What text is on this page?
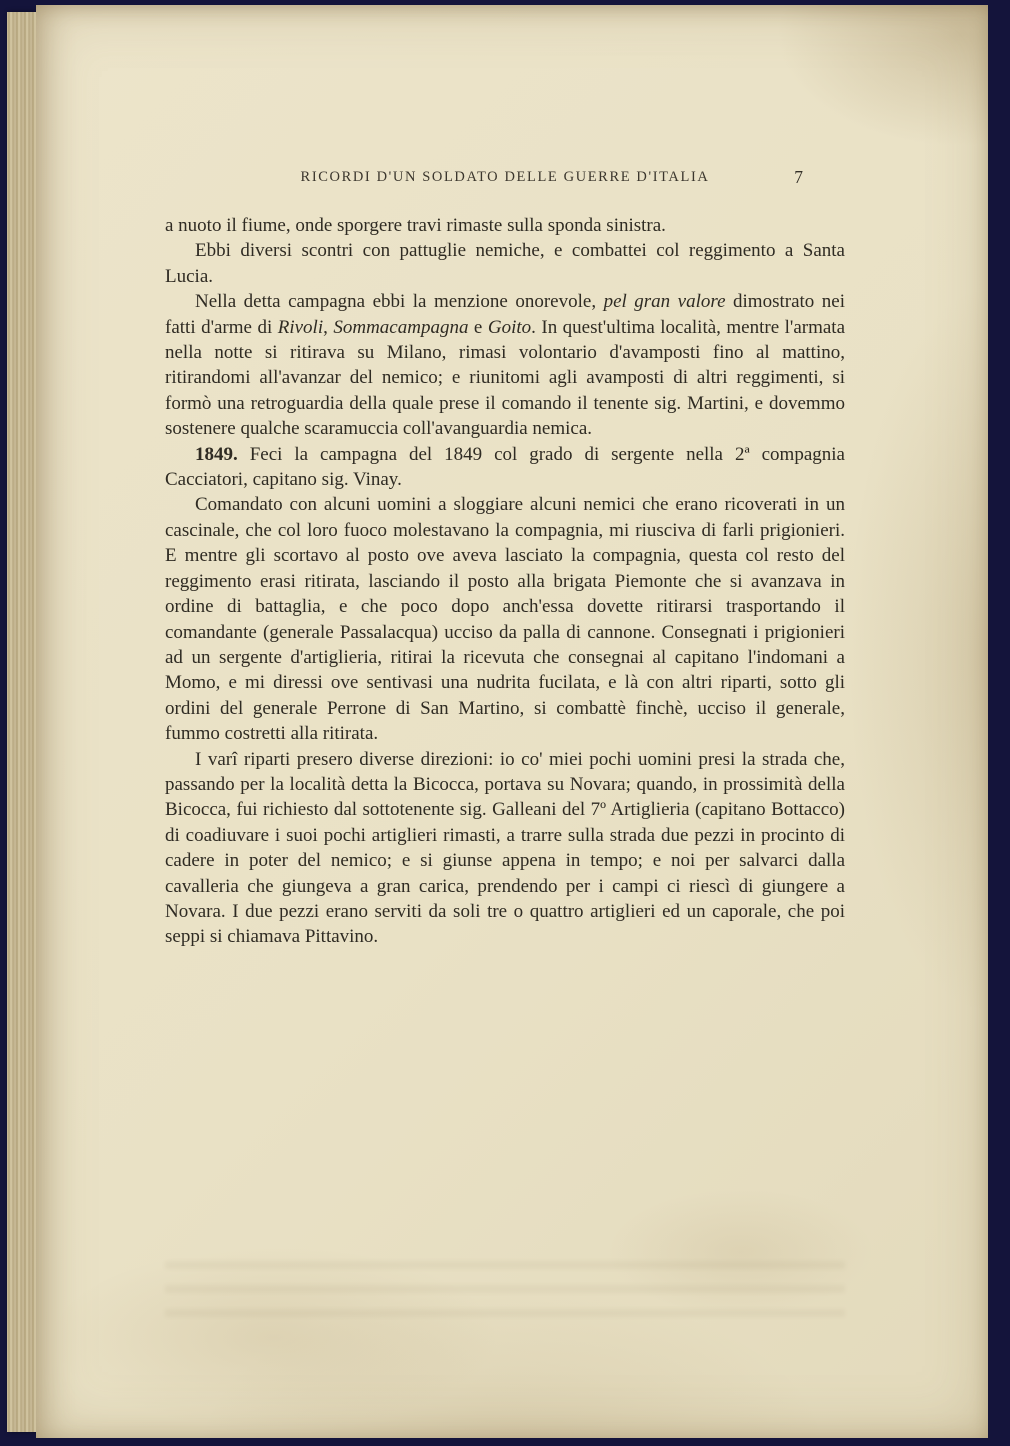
RICORDI D'UN SOLDATO DELLE GUERRE D'ITALIA	7

a nuoto il fiume, onde sporgere travi rimaste sulla sponda sinistra.

Ebbi diversi scontri con pattuglie nemiche, e combattei col reggimento a Santa Lucia.

Nella detta campagna ebbi la menzione onorevole, pel gran valore dimostrato nei fatti d'arme di Rivoli, Sommacampagna e Goito. In quest'ultima località, mentre l'armata nella notte si ritirava su Milano, rimasi volontario d'avamposti fino al mattino, ritirandomi all'avanzar del nemico; e riunitomi agli avamposti di altri reggimenti, si formò una retroguardia della quale prese il comando il tenente sig. Martini, e dovemmo sostenere qualche scaramuccia coll'avanguardia nemica.

1849. Feci la campagna del 1849 col grado di sergente nella 2ª compagnia Cacciatori, capitano sig. Vinay.

Comandato con alcuni uomini a sloggiare alcuni nemici che erano ricoverati in un cascinale, che col loro fuoco molestavano la compagnia, mi riusciva di farli prigionieri. E mentre gli scortavo al posto ove aveva lasciato la compagnia, questa col resto del reggimento erasi ritirata, lasciando il posto alla brigata Piemonte che si avanzava in ordine di battaglia, e che poco dopo anch'essa dovette ritirarsi trasportando il comandante (generale Passalacqua) ucciso da palla di cannone. Consegnati i prigionieri ad un sergente d'artiglieria, ritirai la ricevuta che consegnai al capitano l'indomani a Momo, e mi diressi ove sentivasi una nudrita fucilata, e là con altri riparti, sotto gli ordini del generale Perrone di San Martino, si combattè finchè, ucciso il generale, fummo costretti alla ritirata.

I varî riparti presero diverse direzioni: io co' miei pochi uomini presi la strada che, passando per la località detta la Bicocca, portava su Novara; quando, in prossimità della Bicocca, fui richiesto dal sottotenente sig. Galleani del 7º Artiglieria (capitano Bottacco) di coadiuvare i suoi pochi artiglieri rimasti, a trarre sulla strada due pezzi in procinto di cadere in poter del nemico; e si giunse appena in tempo; e noi per salvarci dalla cavalleria che giungeva a gran carica, prendendo per i campi ci riescì di giungere a Novara. I due pezzi erano serviti da soli tre o quattro artiglieri ed un caporale, che poi seppi si chiamava Pittavino.
